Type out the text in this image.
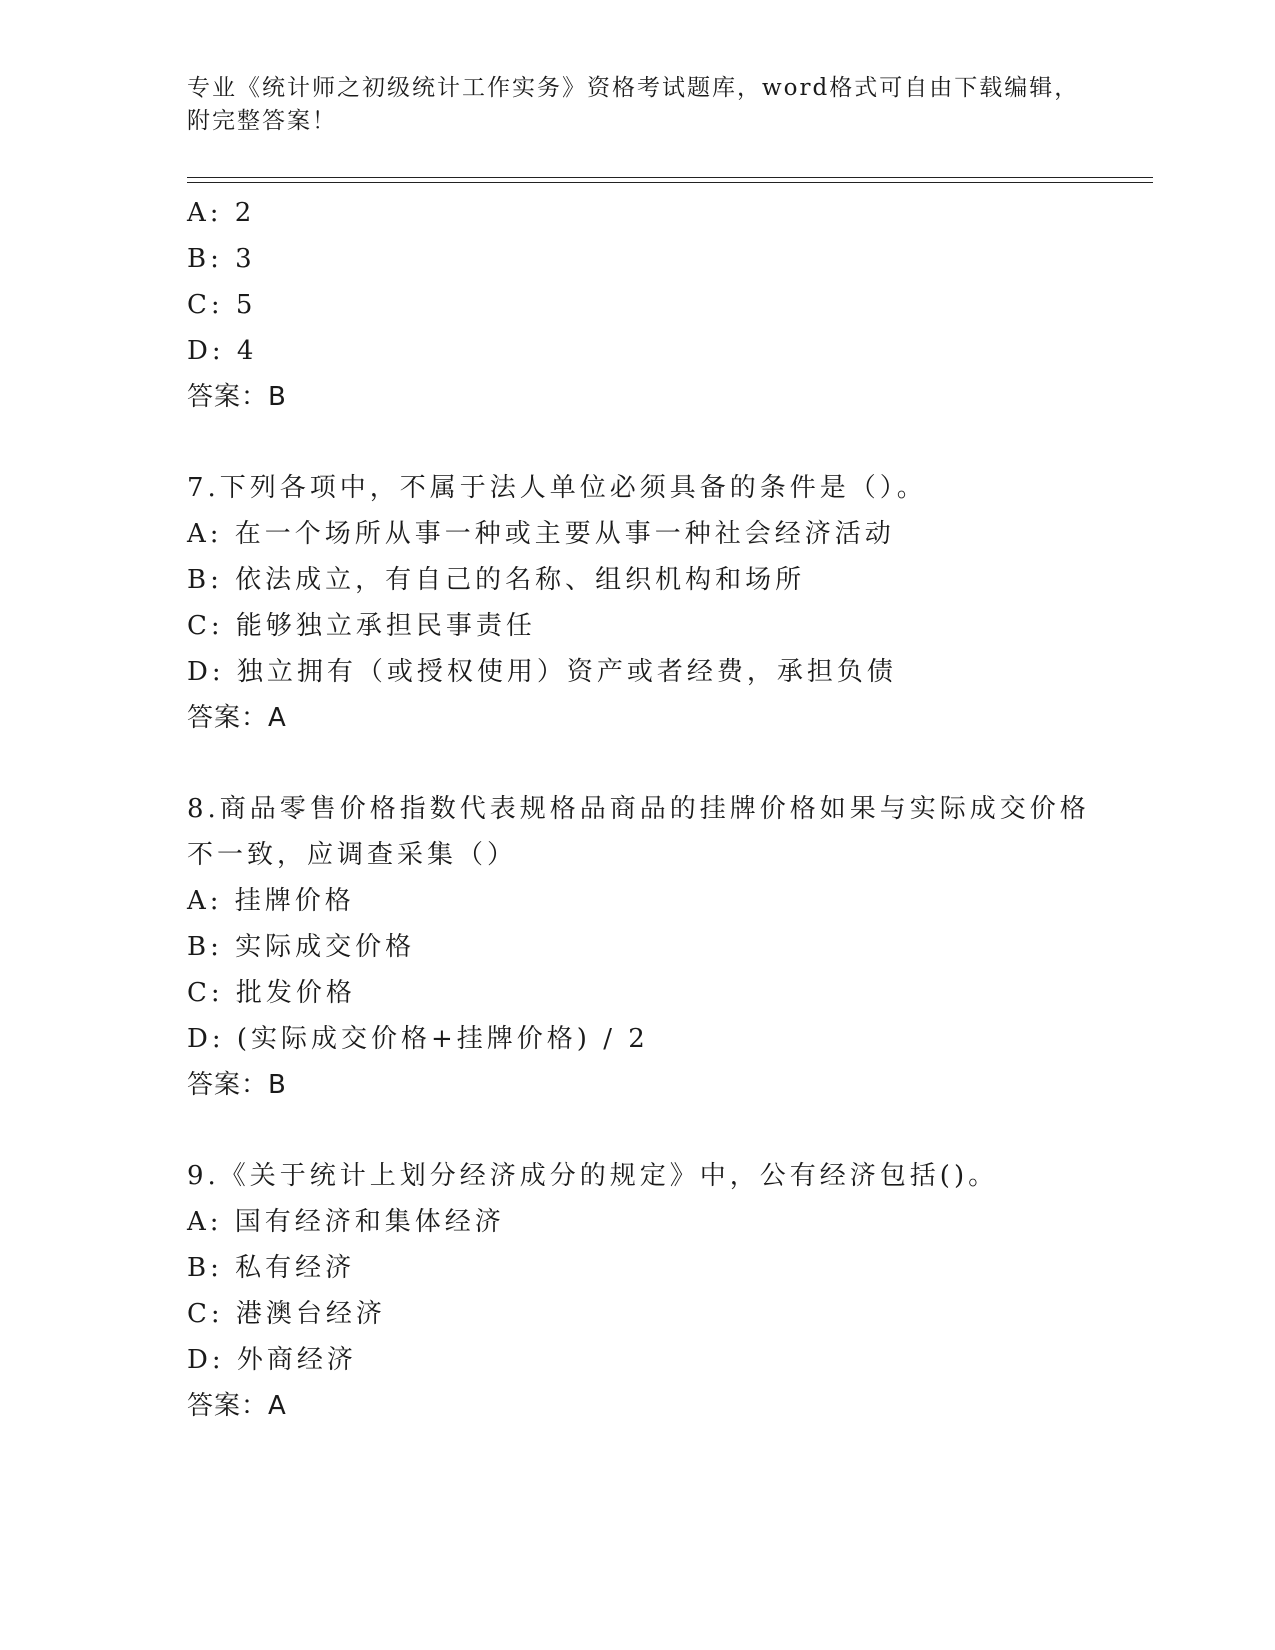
专业《统计师之初级统计工作实务》资格考试题库，word格式可自由下载编辑，
附完整答案！
A: 2
B: 3
C: 5
D: 4
答案：B
7.下列各项中，不属于法人单位必须具备的条件是（）。
A: 在一个场所从事一种或主要从事一种社会经济活动
B: 依法成立，有自己的名称、组织机构和场所
C: 能够独立承担民事责任
D: 独立拥有（或授权使用）资产或者经费，承担负债
答案：A
8.商品零售价格指数代表规格品商品的挂牌价格如果与实际成交价格
不一致，应调查采集（）
A: 挂牌价格
B: 实际成交价格
C: 批发价格
D: (实际成交价格+挂牌价格) / 2
答案：B
9.《关于统计上划分经济成分的规定》中，公有经济包括()。
A: 国有经济和集体经济
B: 私有经济
C: 港澳台经济
D: 外商经济
答案：A
